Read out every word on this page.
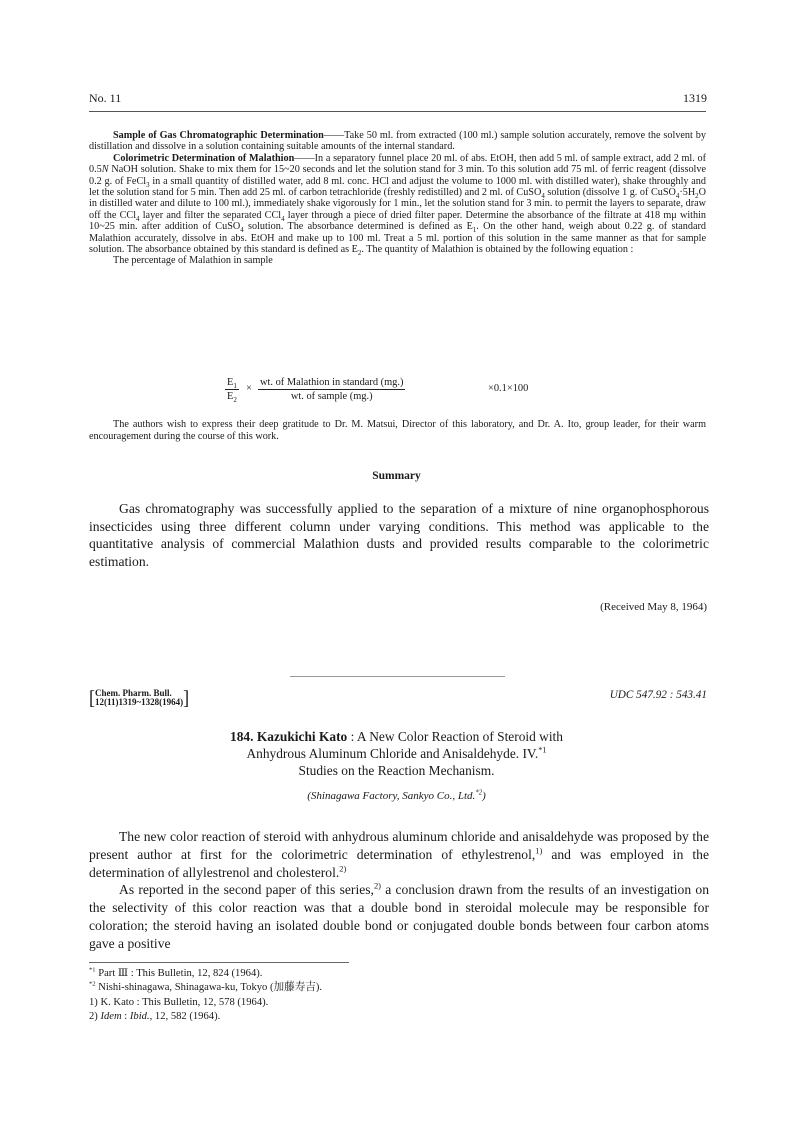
No. 11	1319

Sample of Gas Chromatographic Determination——Take 50 ml. from extracted (100 ml.) sample solution accurately, remove the solvent by distillation and dissolve in a solution containing suitable amounts of the internal standard.

Colorimetric Determination of Malathion——In a separatory funnel place 20 ml. of abs. EtOH, then add 5 ml. of sample extract, add 2 ml. of 0.5N NaOH solution. Shake to mix them for 15~20 seconds and let the solution stand for 3 min. To this solution add 75 ml. of ferric reagent (dissolve 0.2 g. of FeCl$_3$ in a small quantity of distilled water, add 8 ml. conc. HCl and adjust the volume to 1000 ml. with distilled water), shake throughly and let the solution stand for 5 min. Then add 25 ml. of carbon tetrachloride (freshly redistilled) and 2 ml. of CuSO$_4$ solution (dissolve 1 g. of $CuSO_4\cdot 5H_2O$ in distilled water and dilute to 100 ml.), immediately shake vigorously for 1 min., let the solution stand for 3 min. to permit the layers to separate, draw off the CCl$_4$ layer and filter the separated CCl$_4$ layer through a piece of dried filter paper. Determine the absorbance of the filtrate at 418 mμ within 10~25 min. after addition of CuSO$_4$ solution. The absorbance determined is defined as $E_1$. On the other hand, weigh about 0.22 g. of standard Malathion accurately, dissolve in abs. EtOH and make up to 100 ml. Treat a 5 ml. portion of this solution in the same manner as that for sample solution. The absorbance obtained by this standard is defined as $E_2$. The quantity of Malathion is obtained by the following equation :

The percentage of Malathion in sample

$\frac{E_1}{E_2}$ ×
wt. of Malathion in standard (mg.)
wt. of sample (mg.)
×0.1×100

The authors wish to express their deep gratitude to Dr. M. Matsui, Director of this laboratory, and Dr. A. Ito, group leader, for their warm encouragement during the course of this work.

Summary

Gas chromatography was successfully applied to the separation of a mixture of nine organophosphorous insecticides using three different column under varying conditions. This method was applicable to the quantitative analysis of commercial Malathion dusts and provided results comparable to the colorimetric estimation.

(Received May 8, 1964)
[ Chem. Pharm. Bull.
12(11)1319~1328(1964) ]	UDC 547.92 : 543.41

184. Kazukichi Kato : A New Color Reaction of Steroid with

Anhydrous Aluminum Chloride and Anisaldehyde. IV.$^{*1}$

Studies on the Reaction Mechanism.

(Shinagawa Factory, Sankyo Co., Ltd.$^{*2}$)

The new color reaction of steroid with anhydrous aluminum chloride and anisaldehyde was proposed by the present author at first for the colorimetric determination of ethylestrenol,$^{1)}$ and was employed in the determination of allylestrenol and cholesterol.$^{2)}$

As reported in the second paper of this series,$^{2)}$ a conclusion drawn from the results of an investigation on the selectivity of this color reaction was that a double bond in steroidal molecule may be responsible for coloration; the steroid having an isolated double bond or conjugated double bonds between four carbon atoms gave a positive

$^{*1}$ Part Ⅲ : This Bulletin, 12, 824 (1964).

$^{*2}$ Nishi-shinagawa, Shinagawa-ku, Tokyo (加藤寿吉).

1) K. Kato : This Bulletin, 12, 578 (1964).

2) Idem : Ibid., 12, 582 (1964).
